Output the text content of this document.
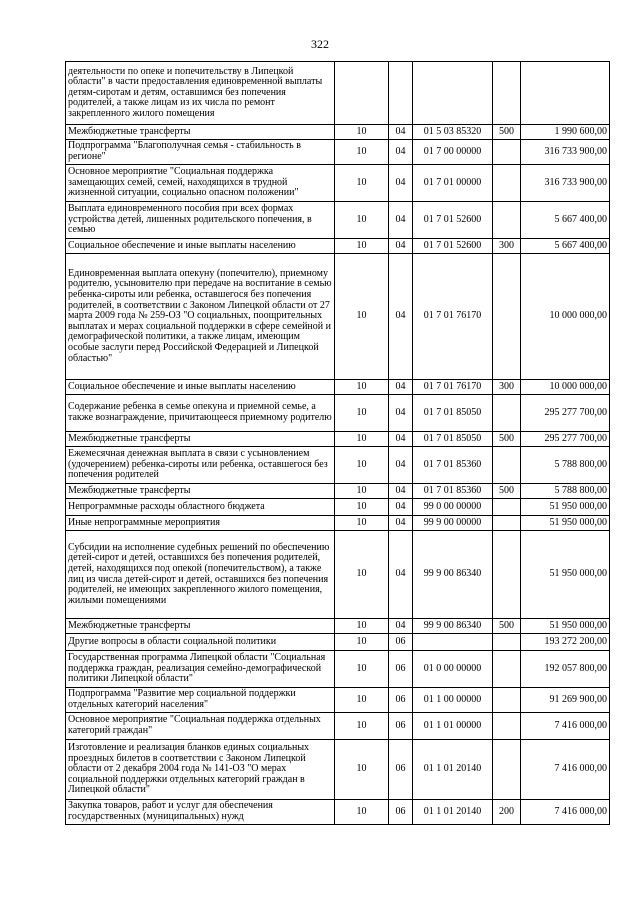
322
деятельности по опеке и попечительству в Липецкой области" в части предоставления единовременной выплаты детям-сиротам и детям, оставшимся без попечения родителей, а также лицам из их числа по ремонт закрепленного жилого помещения					
Межбюджетные трансферты	10	04	01 5 03 85320	500	1 990 600,00
Подпрограмма "Благополучная семья - стабильность в регионе"	10	04	01 7 00 00000		316 733 900,00
Основное мероприятие "Социальная поддержка замещающих семей, семей, находящихся в трудной жизненной ситуации, социально опасном положении"	10	04	01 7 01 00000		316 733 900,00
Выплата единовременного пособия при всех формах устройства детей, лишенных родительского попечения, в семью	10	04	01 7 01 52600		5 667 400,00
Социальное обеспечение и иные выплаты населению	10	04	01 7 01 52600	300	5 667 400,00
Единовременная выплата опекуну (попечителю), приемному родителю, усыновителю при передаче на воспитание в семью ребенка-сироты или ребенка, оставшегося без попечения родителей, в соответствии с Законом Липецкой области от 27 марта 2009 года № 259-ОЗ "О социальных, поощрительных выплатах и мерах социальной поддержки в сфере семейной и демографической политики, а также лицам, имеющим особые заслуги перед Российской Федерацией и Липецкой областью"	10	04	01 7 01 76170		10 000 000,00
Социальное обеспечение и иные выплаты населению	10	04	01 7 01 76170	300	10 000 000,00
Содержание ребенка в семье опекуна и приемной семье, а также вознаграждение, причитающееся приемному родителю	10	04	01 7 01 85050		295 277 700,00
Межбюджетные трансферты	10	04	01 7 01 85050	500	295 277 700,00
Ежемесячная денежная выплата в связи с усыновлением (удочерением) ребенка-сироты или ребенка, оставшегося без попечения родителей	10	04	01 7 01 85360		5 788 800,00
Межбюджетные трансферты	10	04	01 7 01 85360	500	5 788 800,00
Непрограммные расходы областного бюджета	10	04	99 0 00 00000		51 950 000,00
Иные непрограммные мероприятия	10	04	99 9 00 00000		51 950 000,00
Субсидии на исполнение судебных решений по обеспечению детей-сирот и детей, оставшихся без попечения родителей, детей, находящихся под опекой (попечительством), а также лиц из числа детей-сирот и детей, оставшихся без попечения родителей, не имеющих закрепленного жилого помещения, жилыми помещениями	10	04	99 9 00 86340		51 950 000,00
Межбюджетные трансферты	10	04	99 9 00 86340	500	51 950 000,00
Другие вопросы в области социальной политики	10	06			193 272 200,00
Государственная программа Липецкой области "Социальная поддержка граждан, реализация семейно-демографической политики Липецкой области"	10	06	01 0 00 00000		192 057 800,00
Подпрограмма "Развитие мер социальной поддержки отдельных категорий населения"	10	06	01 1 00 00000		91 269 900,00
Основное мероприятие "Социальная поддержка отдельных категорий граждан"	10	06	01 1 01 00000		7 416 000,00
Изготовление и реализация бланков единых социальных проездных билетов в соответствии с Законом Липецкой области от 2 декабря 2004 года № 141-ОЗ "О мерах социальной поддержки отдельных категорий граждан в Липецкой области"	10	06	01 1 01 20140		7 416 000,00
Закупка товаров, работ и услуг для обеспечения государственных (муниципальных) нужд	10	06	01 1 01 20140	200	7 416 000,00
